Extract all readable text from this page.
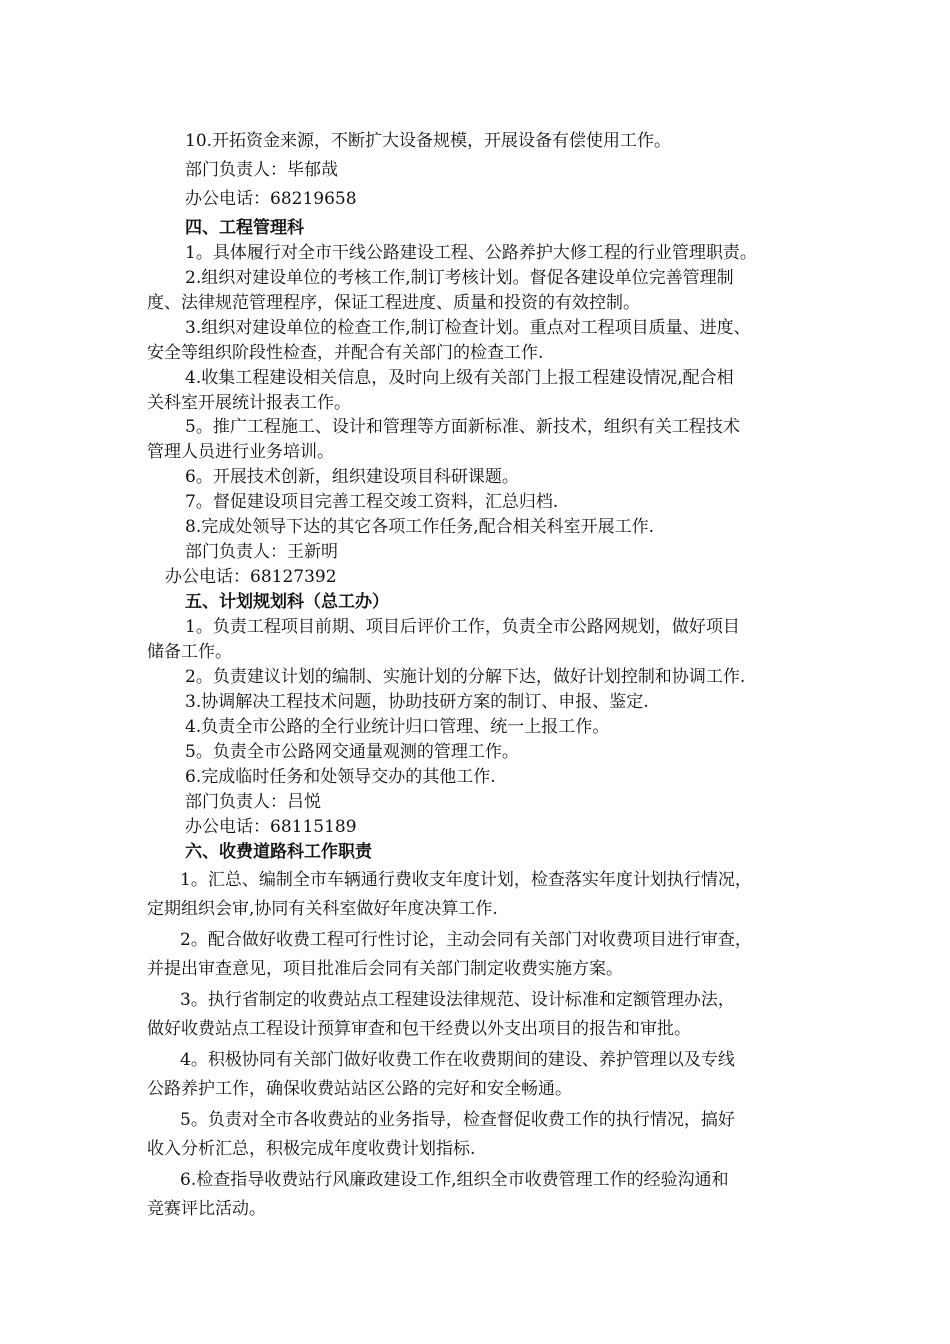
10.开拓资金来源，不断扩大设备规模，开展设备有偿使用工作。

部门负责人：毕郁哉

办公电话：68219658

四、工程管理科

1。具体履行对全市干线公路建设工程、公路养护大修工程的行业管理职责。

2.组织对建设单位的考核工作,制订考核计划。督促各建设单位完善管理制

度、法律规范管理程序，保证工程进度、质量和投资的有效控制。

3.组织对建设单位的检查工作,制订检查计划。重点对工程项目质量、进度、

安全等组织阶段性检查，并配合有关部门的检查工作.

4.收集工程建设相关信息，及时向上级有关部门上报工程建设情况,配合相

关科室开展统计报表工作。

5。推广工程施工、设计和管理等方面新标准、新技术，组织有关工程技术

管理人员进行业务培训。

6。开展技术创新，组织建设项目科研课题。

7。督促建设项目完善工程交竣工资料，汇总归档.

8.完成处领导下达的其它各项工作任务,配合相关科室开展工作.

部门负责人：王新明

办公电话：68127392

五、计划规划科（总工办）

1。负责工程项目前期、项目后评价工作，负责全市公路网规划，做好项目

储备工作。

2。负责建议计划的编制、实施计划的分解下达，做好计划控制和协调工作.

3.协调解决工程技术问题，协助技研方案的制订、申报、鉴定.

4.负责全市公路的全行业统计归口管理、统一上报工作。

5。负责全市公路网交通量观测的管理工作。

6.完成临时任务和处领导交办的其他工作.

部门负责人：吕悦

办公电话：68115189

六、收费道路科工作职责

1。汇总、编制全市车辆通行费收支年度计划，检查落实年度计划执行情况，

定期组织会审,协同有关科室做好年度决算工作.

2。配合做好收费工程可行性讨论，主动会同有关部门对收费项目进行审查，

并提出审查意见，项目批准后会同有关部门制定收费实施方案。

3。执行省制定的收费站点工程建设法律规范、设计标准和定额管理办法，

做好收费站点工程设计预算审查和包干经费以外支出项目的报告和审批。

4。积极协同有关部门做好收费工作在收费期间的建设、养护管理以及专线

公路养护工作，确保收费站站区公路的完好和安全畅通。

5。负责对全市各收费站的业务指导，检查督促收费工作的执行情况，搞好

收入分析汇总，积极完成年度收费计划指标.

6.检查指导收费站行风廉政建设工作,组织全市收费管理工作的经验沟通和

竞赛评比活动。
